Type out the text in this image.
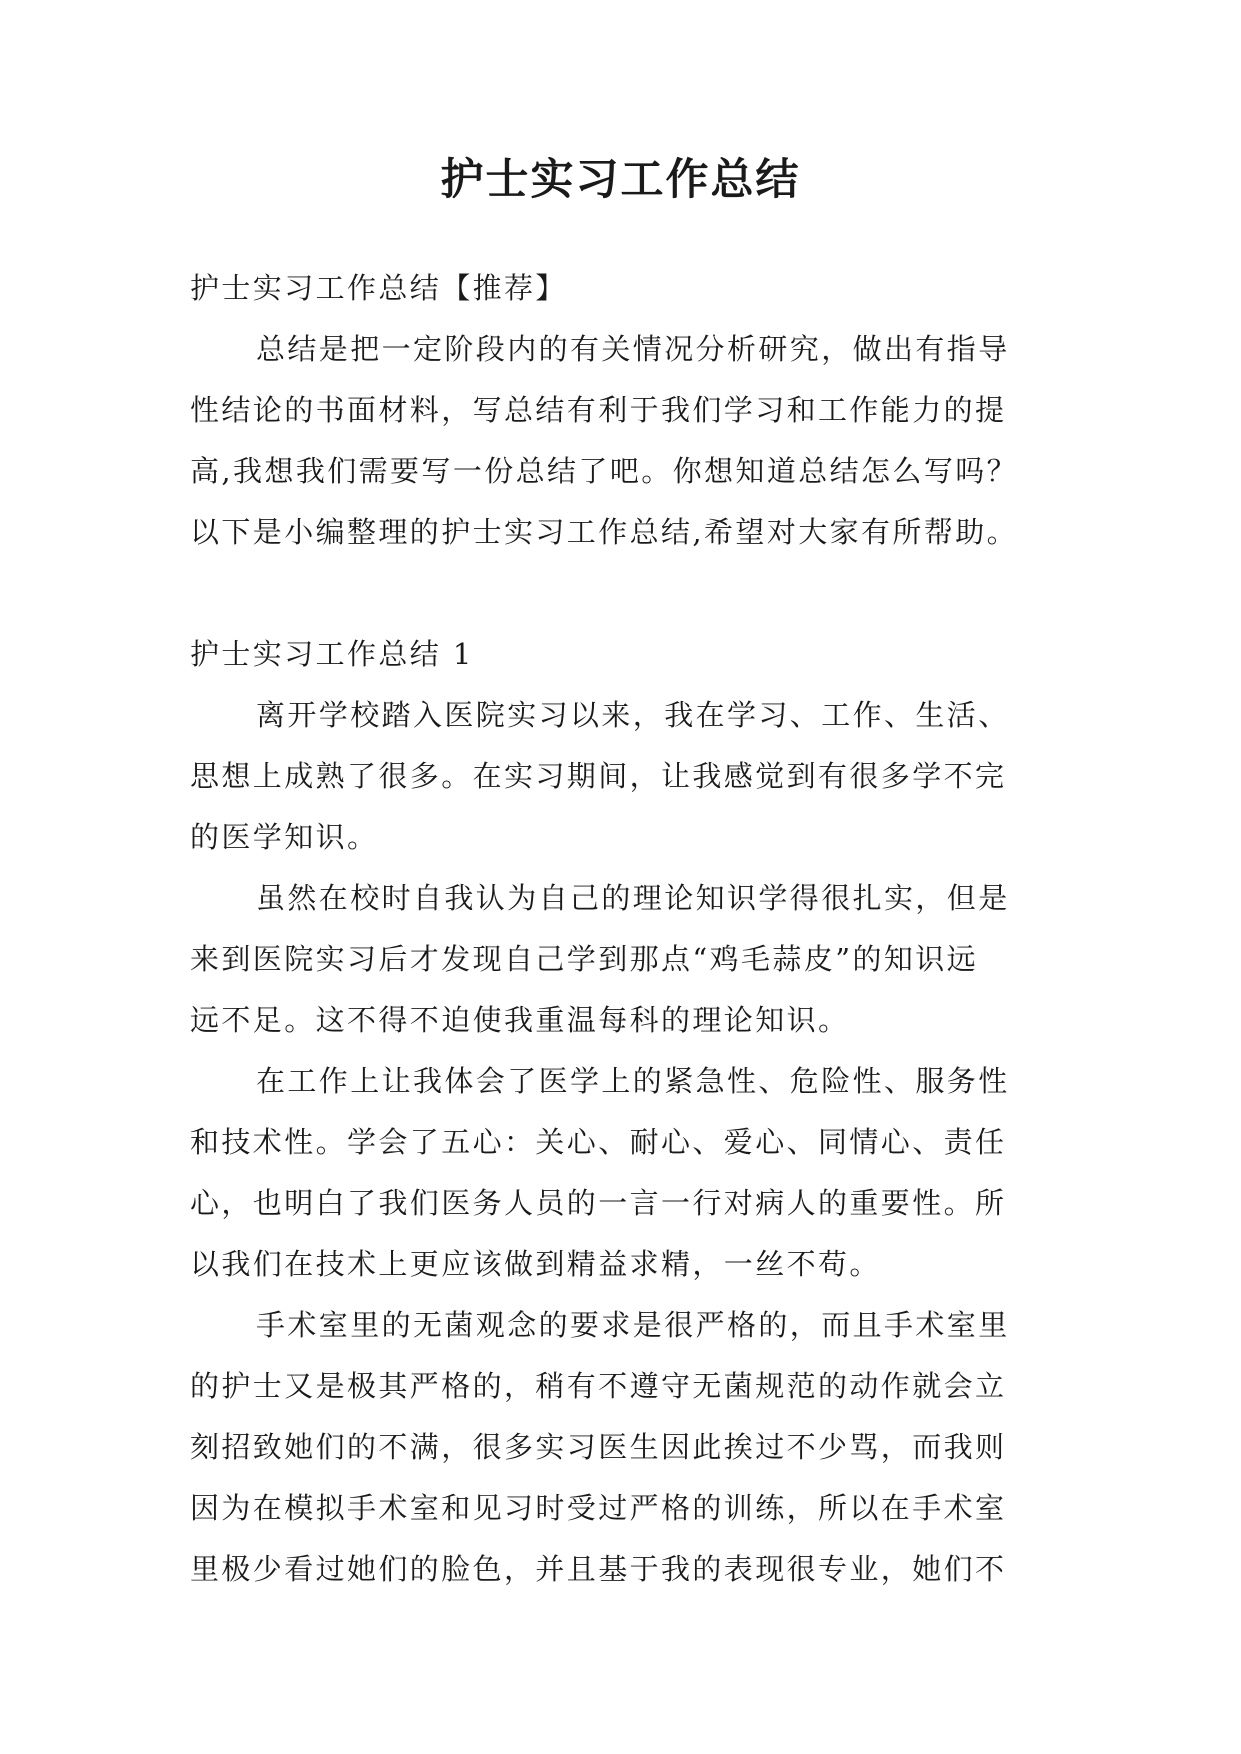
护士实习工作总结

护士实习工作总结【推荐】

总结是把一定阶段内的有关情况分析研究，做出有指导
性结论的书面材料，写总结有利于我们学习和工作能力的提
高,我想我们需要写一份总结了吧。你想知道总结怎么写吗？
以下是小编整理的护士实习工作总结,希望对大家有所帮助。

护士实习工作总结 1

离开学校踏入医院实习以来，我在学习、工作、生活、
思想上成熟了很多。在实习期间，让我感觉到有很多学不完
的医学知识。

虽然在校时自我认为自己的理论知识学得很扎实，但是
来到医院实习后才发现自己学到那点“鸡毛蒜皮”的知识远
远不足。这不得不迫使我重温每科的理论知识。

在工作上让我体会了医学上的紧急性、危险性、服务性
和技术性。学会了五心：关心、耐心、爱心、同情心、责任
心，也明白了我们医务人员的一言一行对病人的重要性。所
以我们在技术上更应该做到精益求精，一丝不苟。

手术室里的无菌观念的要求是很严格的，而且手术室里
的护士又是极其严格的，稍有不遵守无菌规范的动作就会立
刻招致她们的不满，很多实习医生因此挨过不少骂，而我则
因为在模拟手术室和见习时受过严格的训练，所以在手术室
里极少看过她们的脸色，并且基于我的表现很专业，她们不
